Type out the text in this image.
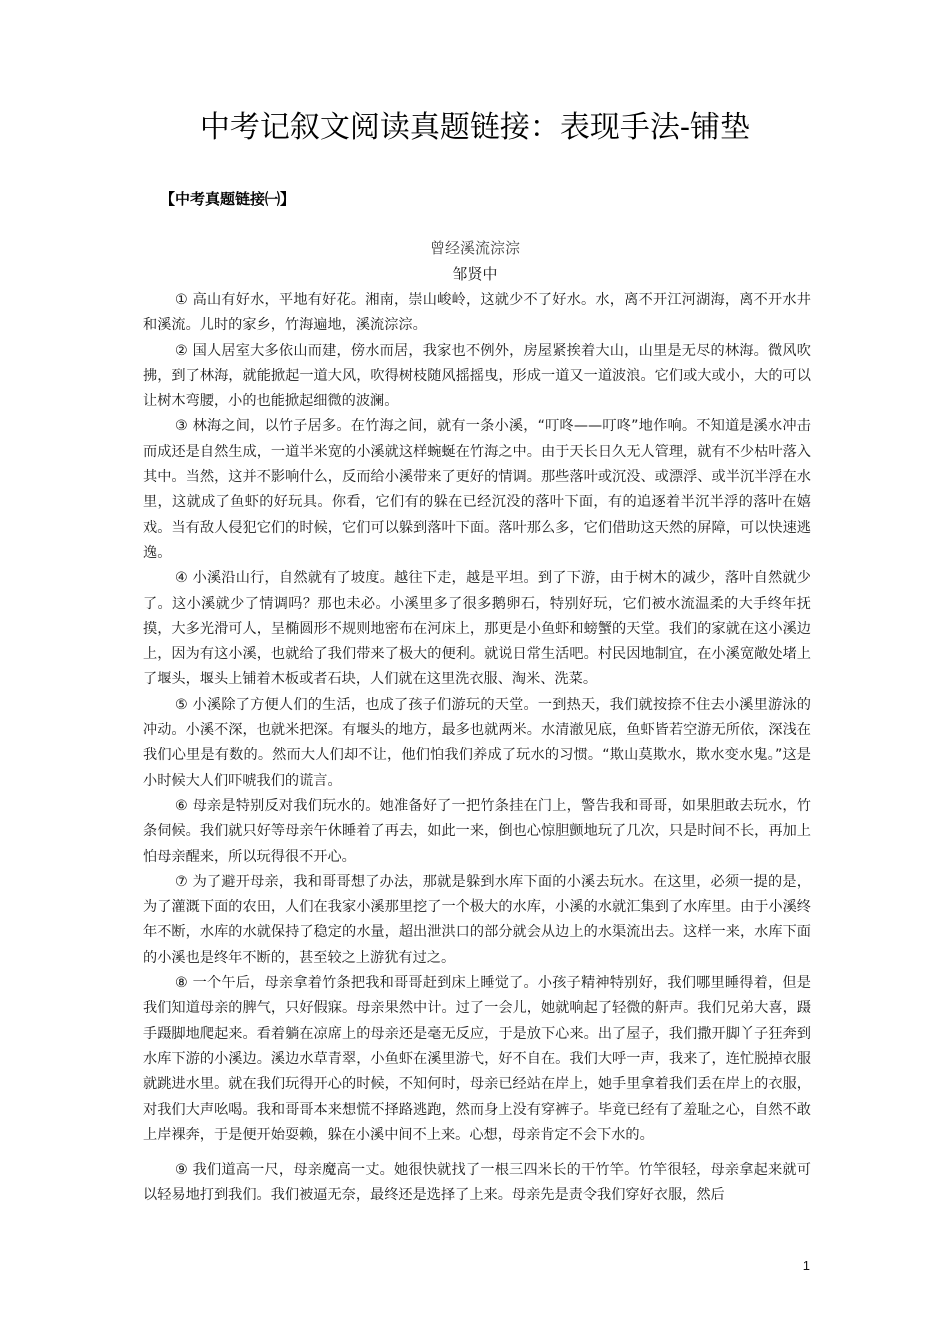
中考记叙文阅读真题链接：表现手法-铺垫
【中考真题链接㈠】
曾经溪流淙淙
邹贤中

① 高山有好水，平地有好花。湘南，崇山峻岭，这就少不了好水。水，离不开江河湖海，离不开水井和溪流。儿时的家乡，竹海遍地，溪流淙淙。

② 国人居室大多依山而建，傍水而居，我家也不例外，房屋紧挨着大山，山里是无尽的林海。微风吹拂，到了林海，就能掀起一道大风，吹得树枝随风摇摇曳，形成一道又一道波浪。它们或大或小，大的可以让树木弯腰，小的也能掀起细微的波澜。

③ 林海之间，以竹子居多。在竹海之间，就有一条小溪，“叮咚——叮咚”地作响。不知道是溪水冲击而成还是自然生成，一道半米宽的小溪就这样蜿蜒在竹海之中。由于天长日久无人管理，就有不少枯叶落入其中。当然，这并不影响什么，反而给小溪带来了更好的情调。那些落叶或沉没、或漂浮、或半沉半浮在水里，这就成了鱼虾的好玩具。你看，它们有的躲在已经沉没的落叶下面，有的追逐着半沉半浮的落叶在嬉戏。当有敌人侵犯它们的时候，它们可以躲到落叶下面。落叶那么多，它们借助这天然的屏障，可以快速逃逸。

④ 小溪沿山行，自然就有了坡度。越往下走，越是平坦。到了下游，由于树木的减少，落叶自然就少了。这小溪就少了情调吗？那也未必。小溪里多了很多鹅卵石，特别好玩，它们被水流温柔的大手终年抚摸，大多光滑可人，呈椭圆形不规则地密布在河床上，那更是小鱼虾和螃蟹的天堂。我们的家就在这小溪边上，因为有这小溪，也就给了我们带来了极大的便利。就说日常生活吧。村民因地制宜，在小溪宽敞处堵上了堰头，堰头上铺着木板或者石块，人们就在这里洗衣服、淘米、洗菜。

⑤ 小溪除了方便人们的生活，也成了孩子们游玩的天堂。一到热天，我们就按捺不住去小溪里游泳的冲动。小溪不深，也就米把深。有堰头的地方，最多也就两米。水清澈见底，鱼虾皆若空游无所依，深浅在我们心里是有数的。然而大人们却不让，他们怕我们养成了玩水的习惯。“欺山莫欺水，欺水变水鬼。”这是小时候大人们吓唬我们的谎言。

⑥ 母亲是特别反对我们玩水的。她准备好了一把竹条挂在门上，警告我和哥哥，如果胆敢去玩水，竹条伺候。我们就只好等母亲午休睡着了再去，如此一来，倒也心惊胆颤地玩了几次，只是时间不长，再加上怕母亲醒来，所以玩得很不开心。

⑦ 为了避开母亲，我和哥哥想了办法，那就是躲到水库下面的小溪去玩水。在这里，必须一提的是，为了灌溉下面的农田，人们在我家小溪那里挖了一个极大的水库，小溪的水就汇集到了水库里。由于小溪终年不断，水库的水就保持了稳定的水量，超出泄洪口的部分就会从边上的水渠流出去。这样一来，水库下面的小溪也是终年不断的，甚至较之上游犹有过之。

⑧ 一个午后，母亲拿着竹条把我和哥哥赶到床上睡觉了。小孩子精神特别好，我们哪里睡得着，但是我们知道母亲的脾气，只好假寐。母亲果然中计。过了一会儿，她就响起了轻微的鼾声。我们兄弟大喜，蹑手蹑脚地爬起来。看着躺在凉席上的母亲还是毫无反应，于是放下心来。出了屋子，我们撒开脚丫子狂奔到水库下游的小溪边。溪边水草青翠，小鱼虾在溪里游弋，好不自在。我们大呼一声，我来了，连忙脱掉衣服就跳进水里。就在我们玩得开心的时候，不知何时，母亲已经站在岸上，她手里拿着我们丢在岸上的衣服，对我们大声吆喝。我和哥哥本来想慌不择路逃跑，然而身上没有穿裤子。毕竟已经有了羞耻之心，自然不敢上岸裸奔，于是便开始耍赖，躲在小溪中间不上来。心想，母亲肯定不会下水的。

⑨ 我们道高一尺，母亲魔高一丈。她很快就找了一根三四米长的干竹竿。竹竿很轻，母亲拿起来就可以轻易地打到我们。我们被逼无奈，最终还是选择了上来。母亲先是责令我们穿好衣服，然后

1
